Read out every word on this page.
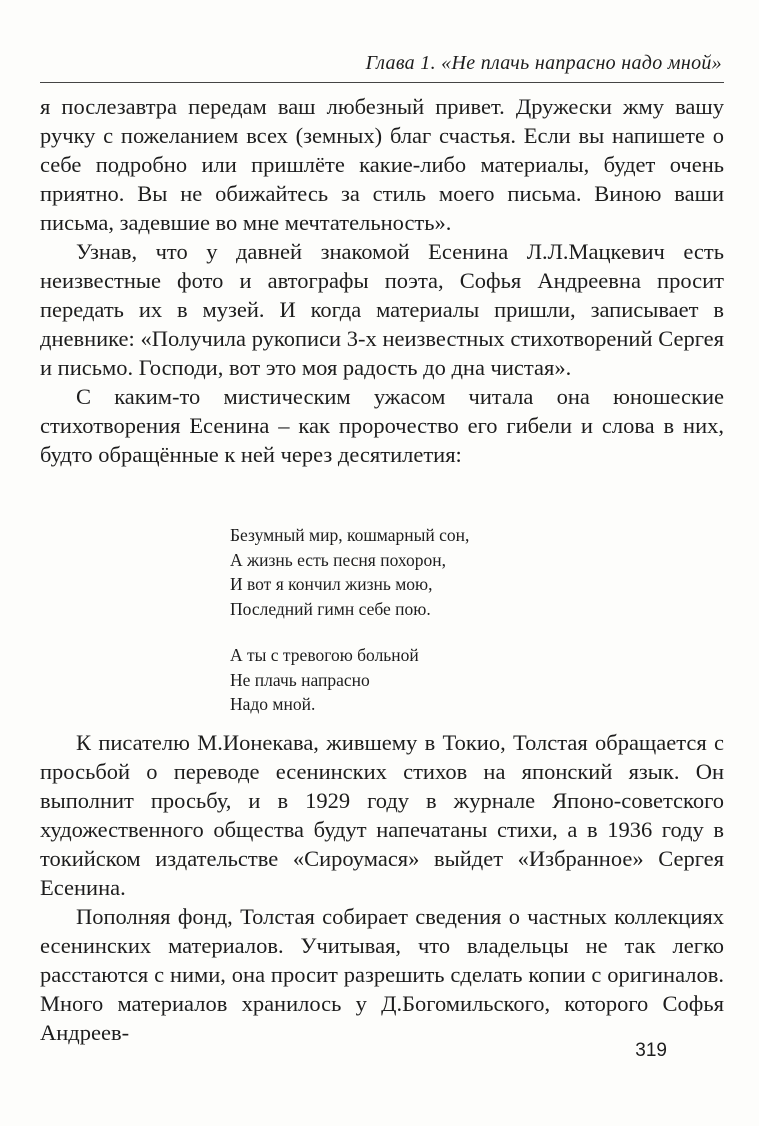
Глава 1. «Не плачь напрасно надо мной»

я послезавтра передам ваш любезный привет. Дружески жму вашу ручку с пожеланием всех (земных) благ счастья. Если вы напишете о себе подробно или пришлёте какие-либо материалы, будет очень приятно. Вы не обижайтесь за стиль моего письма. Виною ваши письма, задевшие во мне мечтательность».

Узнав, что у давней знакомой Есенина Л.Л.Мацкевич есть неизвестные фото и автографы поэта, Софья Андреевна просит передать их в музей. И когда материалы пришли, записывает в дневнике: «Получила рукописи 3-х неизвестных стихотворений Сергея и письмо. Господи, вот это моя радость до дна чистая».

С каким-то мистическим ужасом читала она юношеские стихотворения Есенина – как пророчество его гибели и слова в них, будто обращённые к ней через десятилетия:

Безумный мир, кошмарный сон,
А жизнь есть песня похорон,
И вот я кончил жизнь мою,
Последний гимн себе пою.
А ты с тревогою больной
Не плачь напрасно
Надо мной.

К писателю М.Ионекава, жившему в Токио, Толстая обращается с просьбой о переводе есенинских стихов на японский язык. Он выполнит просьбу, и в 1929 году в журнале Японо-советского художественного общества будут напечатаны стихи, а в 1936 году в токийском издательстве «Сироумася» выйдет «Избранное» Сергея Есенина.

Пополняя фонд, Толстая собирает сведения о частных коллекциях есенинских материалов. Учитывая, что владельцы не так легко расстаются с ними, она просит разрешить сделать копии с оригиналов. Много материалов хранилось у Д.Богомильского, которого Софья Андреев-

319
